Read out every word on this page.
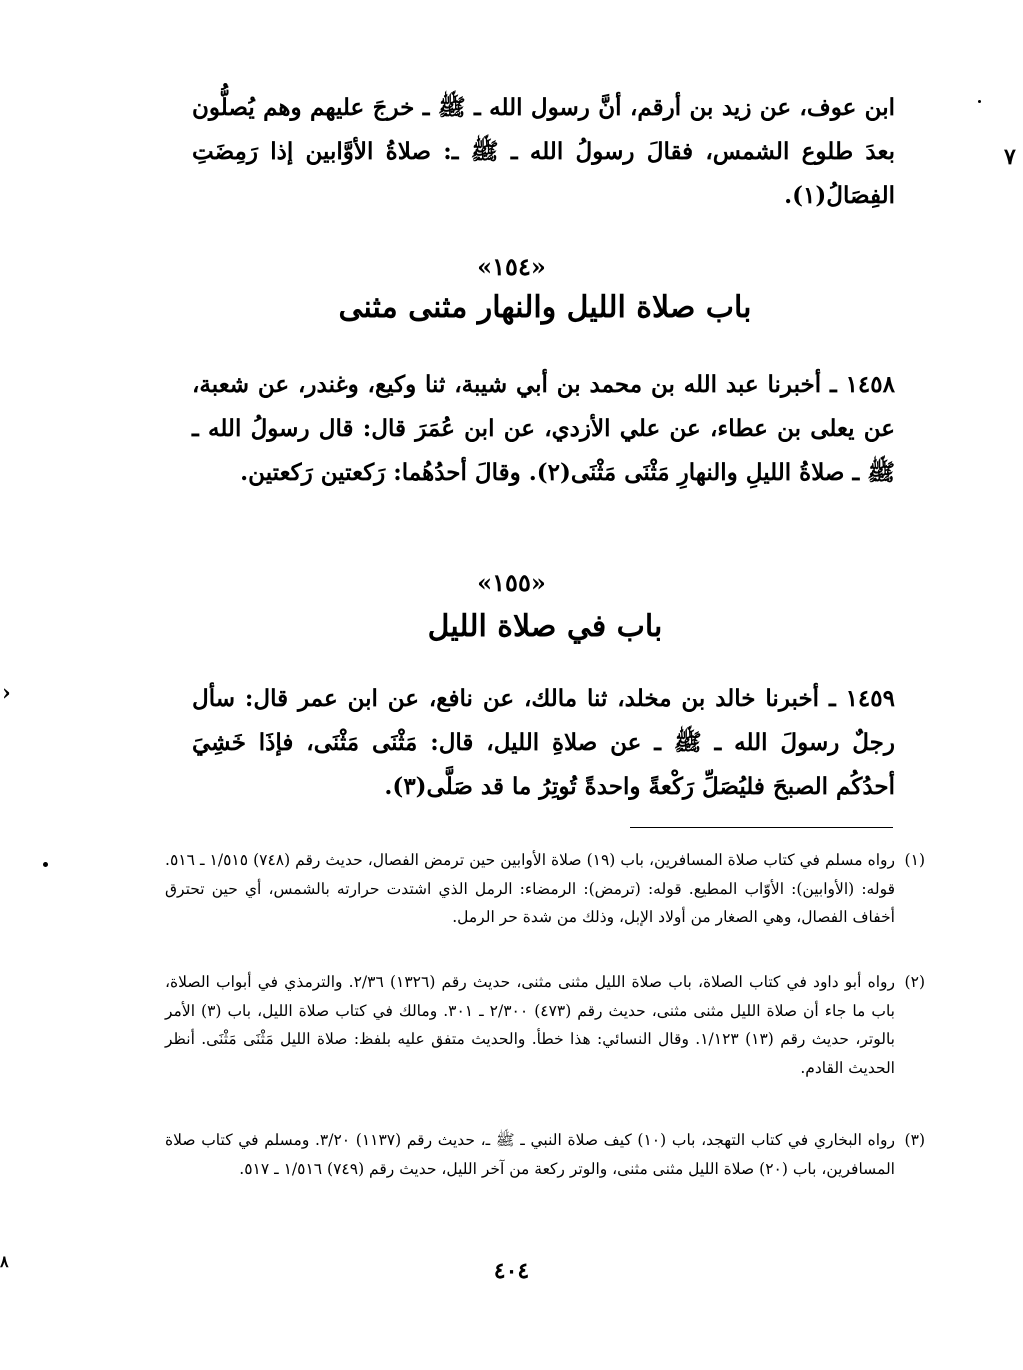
٧
›
٨

ابن عوف، عن زيد بن أرقم، أنَّ رسول الله ـ ﷺ ـ خرجَ عليهم وهم يُصلُّون بعدَ طلوع الشمس، فقالَ رسولُ الله ـ ﷺ ـ: صلاةُ الأوَّابين إذا رَمِضَتِ الفِصَالُ(١).

«١٥٤»
باب صلاة الليل والنهار مثنى مثنى

١٤٥٨ ـ أخبرنا عبد الله بن محمد بن أبي شيبة، ثنا وكيع، وغندر، عن شعبة، عن يعلى بن عطاء، عن علي الأزدي، عن ابن عُمَرَ قال: قال رسولُ الله ـ ﷺ ـ صلاةُ الليلِ والنهارِ مَثْنَى مَثْنَى(٢). وقالَ أحدُهُما: رَكعتين رَكعتين.

«١٥٥»
باب في صلاة الليل

١٤٥٩ ـ أخبرنا خالد بن مخلد، ثنا مالك، عن نافع، عن ابن عمر قال: سأل رجلٌ رسولَ الله ـ ﷺ ـ عن صلاةِ الليل، قال: مَثْنَى مَثْنَى، فإذَا خَشِيَ أحدُكُم الصبحَ فليُصَلِّ رَكْعةً واحدةً تُوتِرُ ما قد صَلَّى(٣).

(١)
رواه مسلم في كتاب صلاة المسافرين، باب (١٩) صلاة الأوابين حين ترمض الفصال، حديث رقم (٧٤٨) ١/٥١٥ ـ ٥١٦. قوله: (الأوابين): الأوّاب المطيع. قوله: (ترمض): الرمضاء: الرمل الذي اشتدت حرارته بالشمس، أي حين تحترق أخفاف الفصال، وهي الصغار من أولاد الإبل، وذلك من شدة حر الرمل.
(٢)
رواه أبو داود في كتاب الصلاة، باب صلاة الليل مثنى مثنى، حديث رقم (١٣٢٦) ٢/٣٦. والترمذي في أبواب الصلاة، باب ما جاء أن صلاة الليل مثنى مثنى، حديث رقم (٤٧٣) ٢/٣٠٠ ـ ٣٠١. ومالك في كتاب صلاة الليل، باب (٣) الأمر بالوتر، حديث رقم (١٣) ١/١٢٣. وقال النسائي: هذا خطأ. والحديث متفق عليه بلفظ: صلاة الليل مَثْنَى مَثْنَى. أنظر الحديث القادم.
(٣)
رواه البخاري في كتاب التهجد، باب (١٠) كيف صلاة النبي ـ ﷺ ـ، حديث رقم (١١٣٧) ٣/٢٠. ومسلم في كتاب صلاة المسافرين، باب (٢٠) صلاة الليل مثنى مثنى، والوتر ركعة من آخر الليل، حديث رقم (٧٤٩) ١/٥١٦ ـ ٥١٧.
٤٠٤
